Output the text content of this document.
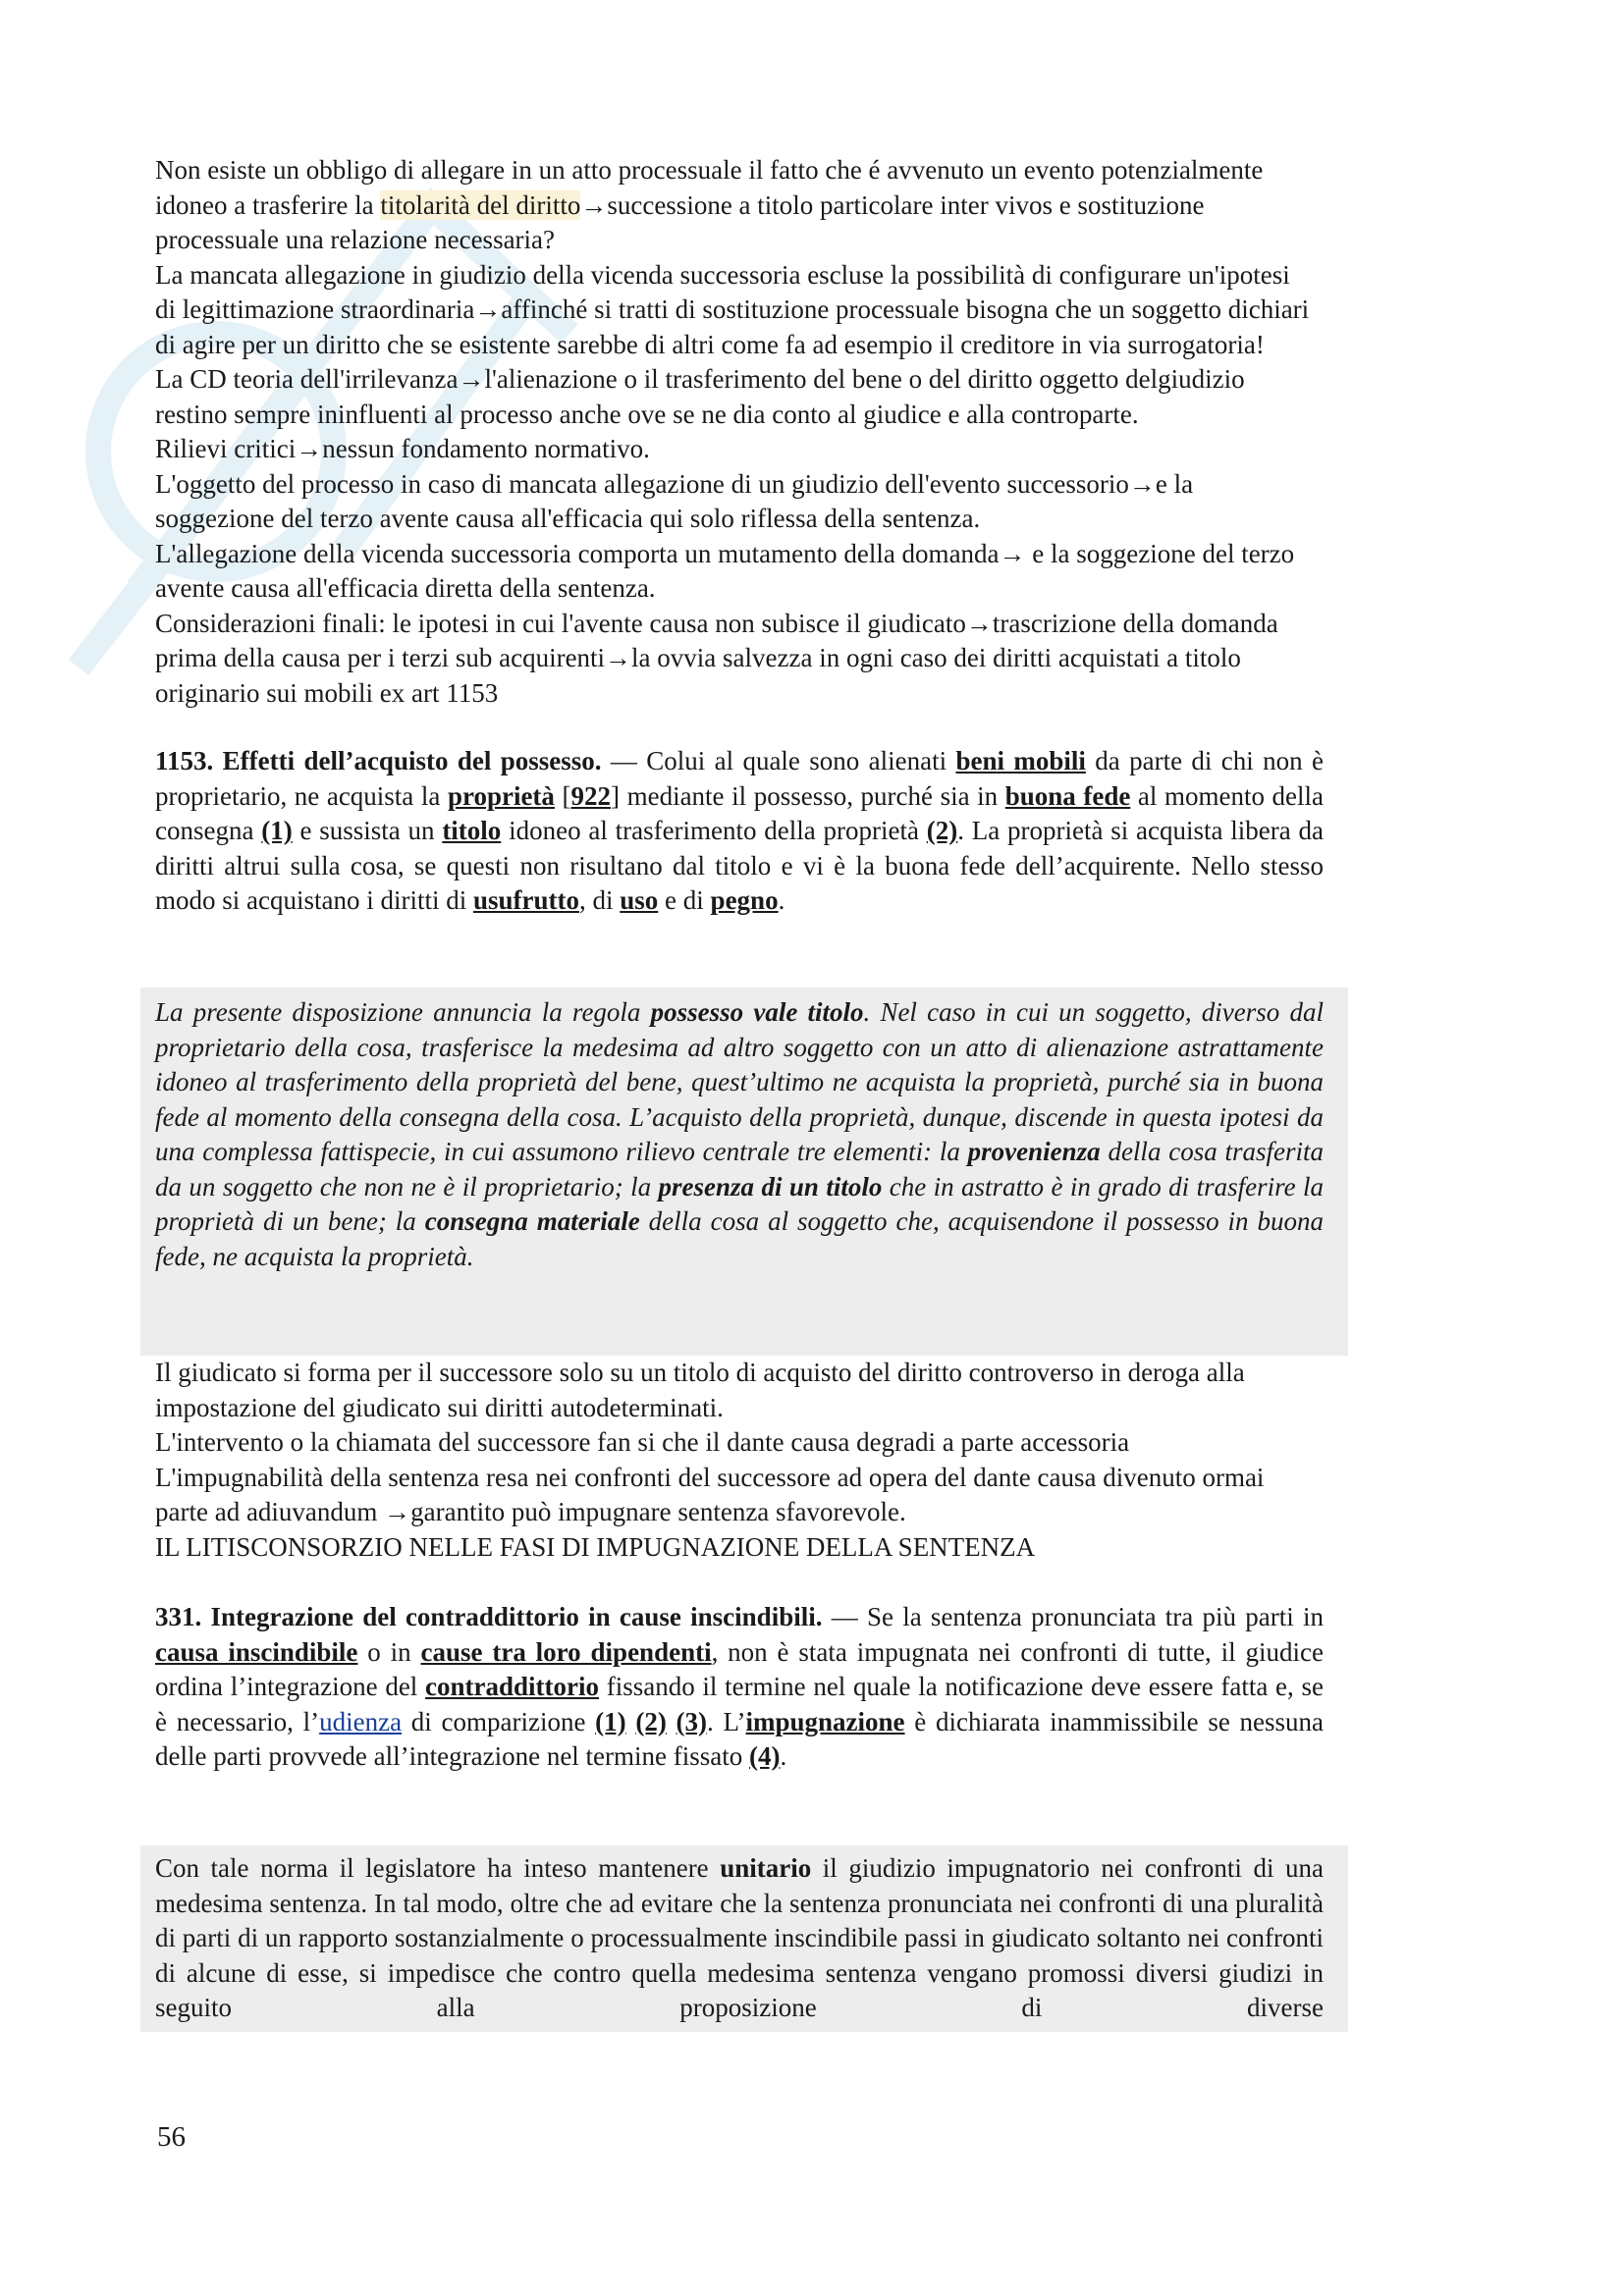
Non esiste un obbligo di allegare in un atto processuale il fatto che é avvenuto un evento potenzialmente
idoneo a trasferire la titolarità del diritto→successione a titolo particolare inter vivos e sostituzione
processuale una relazione necessaria?
La mancata allegazione in giudizio della vicenda successoria escluse la possibilità di configurare un'ipotesi
di legittimazione straordinaria→affinché si tratti di sostituzione processuale bisogna che un soggetto dichiari
di agire per un diritto che se esistente sarebbe di altri come fa ad esempio il creditore in via surrogatoria!
La CD teoria dell'irrilevanza→l'alienazione o il trasferimento del bene o del diritto oggetto delgiudizio
restino sempre ininfluenti al processo anche ove se ne dia conto al giudice e alla controparte.
Rilievi critici→nessun fondamento normativo.
L'oggetto del processo in caso di mancata allegazione di un giudizio dell'evento successorio→e la
soggezione del terzo avente causa all'efficacia qui solo riflessa della sentenza.
L'allegazione della vicenda successoria comporta un mutamento della domanda→ e la soggezione del terzo
avente causa all'efficacia diretta della sentenza.
Considerazioni finali: le ipotesi in cui l'avente causa non subisce il giudicato→trascrizione della domanda
prima della causa per i terzi sub acquirenti→la ovvia salvezza in ogni caso dei diritti acquistati a titolo
originario sui mobili ex art 1153
1153. Effetti dell’acquisto del possesso. — Colui al quale sono alienati beni mobili da parte di chi non è proprietario, ne acquista la proprietà [922] mediante il possesso, purché sia in buona fede al momento della consegna (1) e sussista un titolo idoneo al trasferimento della proprietà (2). La proprietà si acquista libera da diritti altrui sulla cosa, se questi non risultano dal titolo e vi è la buona fede dell’acquirente. Nello stesso modo si acquistano i diritti di usufrutto, di uso e di pegno.
La presente disposizione annuncia la regola possesso vale titolo. Nel caso in cui un soggetto, diverso dal proprietario della cosa, trasferisce la medesima ad altro soggetto con un atto di alienazione astrattamente idoneo al trasferimento della proprietà del bene, quest’ultimo ne acquista la proprietà, purché sia in buona fede al momento della consegna della cosa. L’acquisto della proprietà, dunque, discende in questa ipotesi da una complessa fattispecie, in cui assumono rilievo centrale tre elementi: la provenienza della cosa trasferita da un soggetto che non ne è il proprietario; la presenza di un titolo che in astratto è in grado di trasferire la proprietà di un bene; la consegna materiale della cosa al soggetto che, acquisendone il possesso in buona fede, ne acquista la proprietà.
Il giudicato si forma per il successore solo su un titolo di acquisto del diritto controverso in deroga alla
impostazione del giudicato sui diritti autodeterminati.
L'intervento o la chiamata del successore fan si che il dante causa degradi a parte accessoria
L'impugnabilità della sentenza resa nei confronti del successore ad opera del dante causa divenuto ormai
parte ad adiuvandum →garantito può impugnare sentenza sfavorevole.
IL LITISCONSORZIO NELLE FASI DI IMPUGNAZIONE DELLA SENTENZA
331. Integrazione del contraddittorio in cause inscindibili. — Se la sentenza pronunciata tra più parti in causa inscindibile o in cause tra loro dipendenti, non è stata impugnata nei confronti di tutte, il giudice ordina l’integrazione del contraddittorio fissando il termine nel quale la notificazione deve essere fatta e, se è necessario, l’udienza di comparizione (1) (2) (3). L’impugnazione è dichiarata inammissibile se nessuna delle parti provvede all’integrazione nel termine fissato (4).
Con tale norma il legislatore ha inteso mantenere unitario il giudizio impugnatorio nei confronti di una medesima sentenza. In tal modo, oltre che ad evitare che la sentenza pronunciata nei confronti di una pluralità di parti di un rapporto sostanzialmente o processualmente inscindibile passi in giudicato soltanto nei confronti di alcune di esse, si impedisce che contro quella medesima sentenza vengano promossi diversi giudizi in seguito alla proposizione di diverse
56
